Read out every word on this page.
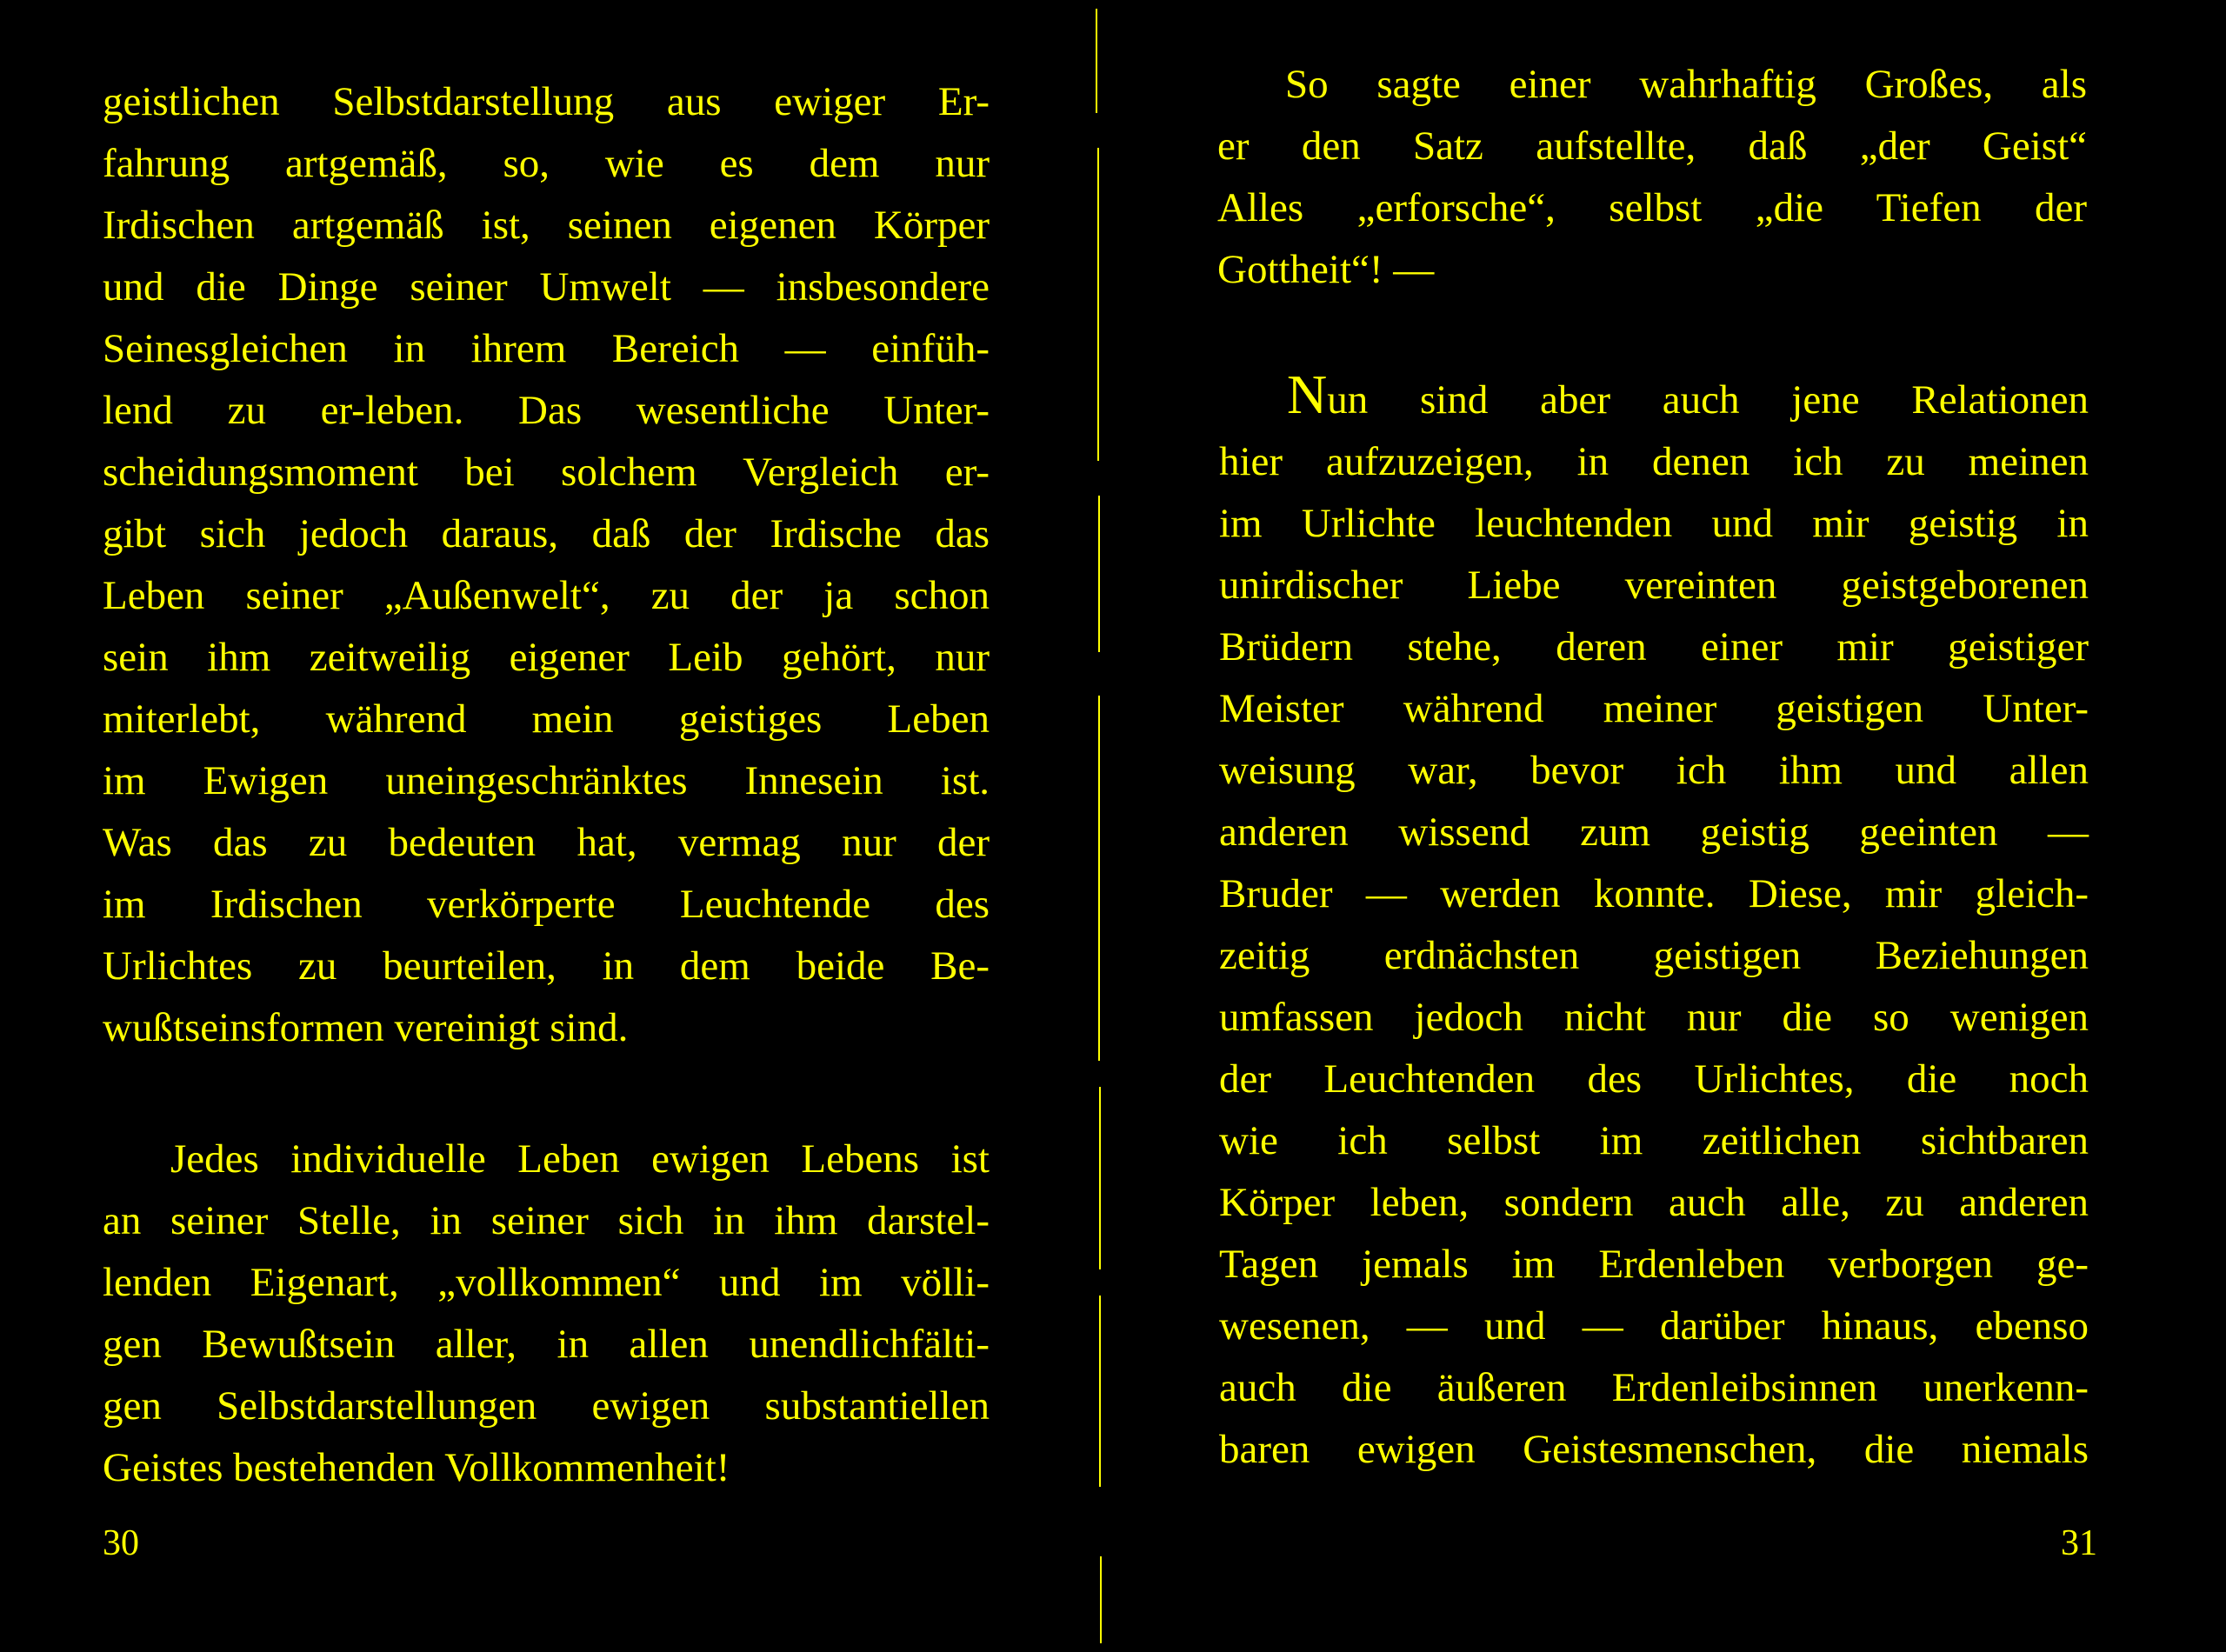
geistlichen Selbstdarstellung aus ewiger Er-
fahrung artgemäß, so, wie es dem nur
Irdischen artgemäß ist, seinen eigenen Körper
und die Dinge seiner Umwelt — insbesondere
Seinesgleichen in ihrem Bereich — einfüh-
lend zu er-leben. Das wesentliche Unter-
scheidungsmoment bei solchem Vergleich er-
gibt sich jedoch daraus, daß der Irdische das
Leben seiner „Außenwelt“, zu der ja schon
sein ihm zeitweilig eigener Leib gehört, nur
miterlebt, während mein geistiges Leben
im Ewigen uneingeschränktes Innesein ist.
Was das zu bedeuten hat, vermag nur der
im Irdischen verkörperte Leuchtende des
Urlichtes zu beurteilen, in dem beide Be-
wußtseinsformen vereinigt sind.
Jedes individuelle Leben ewigen Lebens ist
an seiner Stelle, in seiner sich in ihm darstel-
lenden Eigenart, „vollkommen“ und im völli-
gen Bewußtsein aller, in allen unendlichfälti-
gen Selbstdarstellungen ewigen substantiellen
Geistes bestehenden Vollkommenheit!
30
So sagte einer wahrhaftig Großes, als
er den Satz aufstellte, daß „der Geist“
Alles „erforsche“, selbst „die Tiefen der
Gottheit“! —
Nun sind aber auch jene Relationen
hier aufzuzeigen, in denen ich zu meinen
im Urlichte leuchtenden und mir geistig in
unirdischer Liebe vereinten geistgeborenen
Brüdern stehe, deren einer mir geistiger
Meister während meiner geistigen Unter-
weisung war, bevor ich ihm und allen
anderen wissend zum geistig geeinten —
Bruder — werden konnte. Diese, mir gleich-
zeitig erdnächsten geistigen Beziehungen
umfassen jedoch nicht nur die so wenigen
der Leuchtenden des Urlichtes, die noch
wie ich selbst im zeitlichen sichtbaren
Körper leben, sondern auch alle, zu anderen
Tagen jemals im Erdenleben verborgen ge-
wesenen, — und — darüber hinaus, ebenso
auch die äußeren Erdenleibsinnen unerkenn-
baren ewigen Geistesmenschen, die niemals
31
